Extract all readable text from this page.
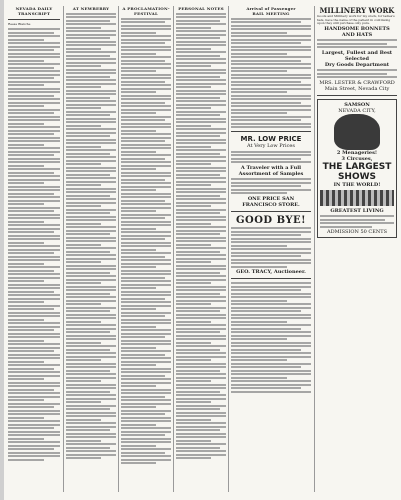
NEVADA DAILY TRANSCRIPT
Reese Blanche
AT NEWBERRY	A PROCLAMATION-FESTIVAL
PERSONAL NOTES	Arrival of Passenger
RAIL MEETING
MR. LOW PRICE
At Very Low Prices
A Traveler with a Full Assortment of Samples
ONE PRICE SAN FRANCISCO STORE.
GOOD BYE!
GEO. TRACY, Auctioneer.
MILLINERY WORK
Goods and Millinery work for my stock, for ladies's hats, have the name of the patient in continuing upon they still purchase only pure.
HANDSOME BONNETS AND HATS
Largest, Fullest and Best Selected
Dry Goods Department
MRS. LESTER & CRAWFORD
Main Street, Nevada City
SAMSON
NEVADA CITY,
2 Menageries!
3 Circuses,
THE LARGEST SHOWS
IN THE WORLD!
GREATEST LIVING
ADMISSION 50 CENTS
